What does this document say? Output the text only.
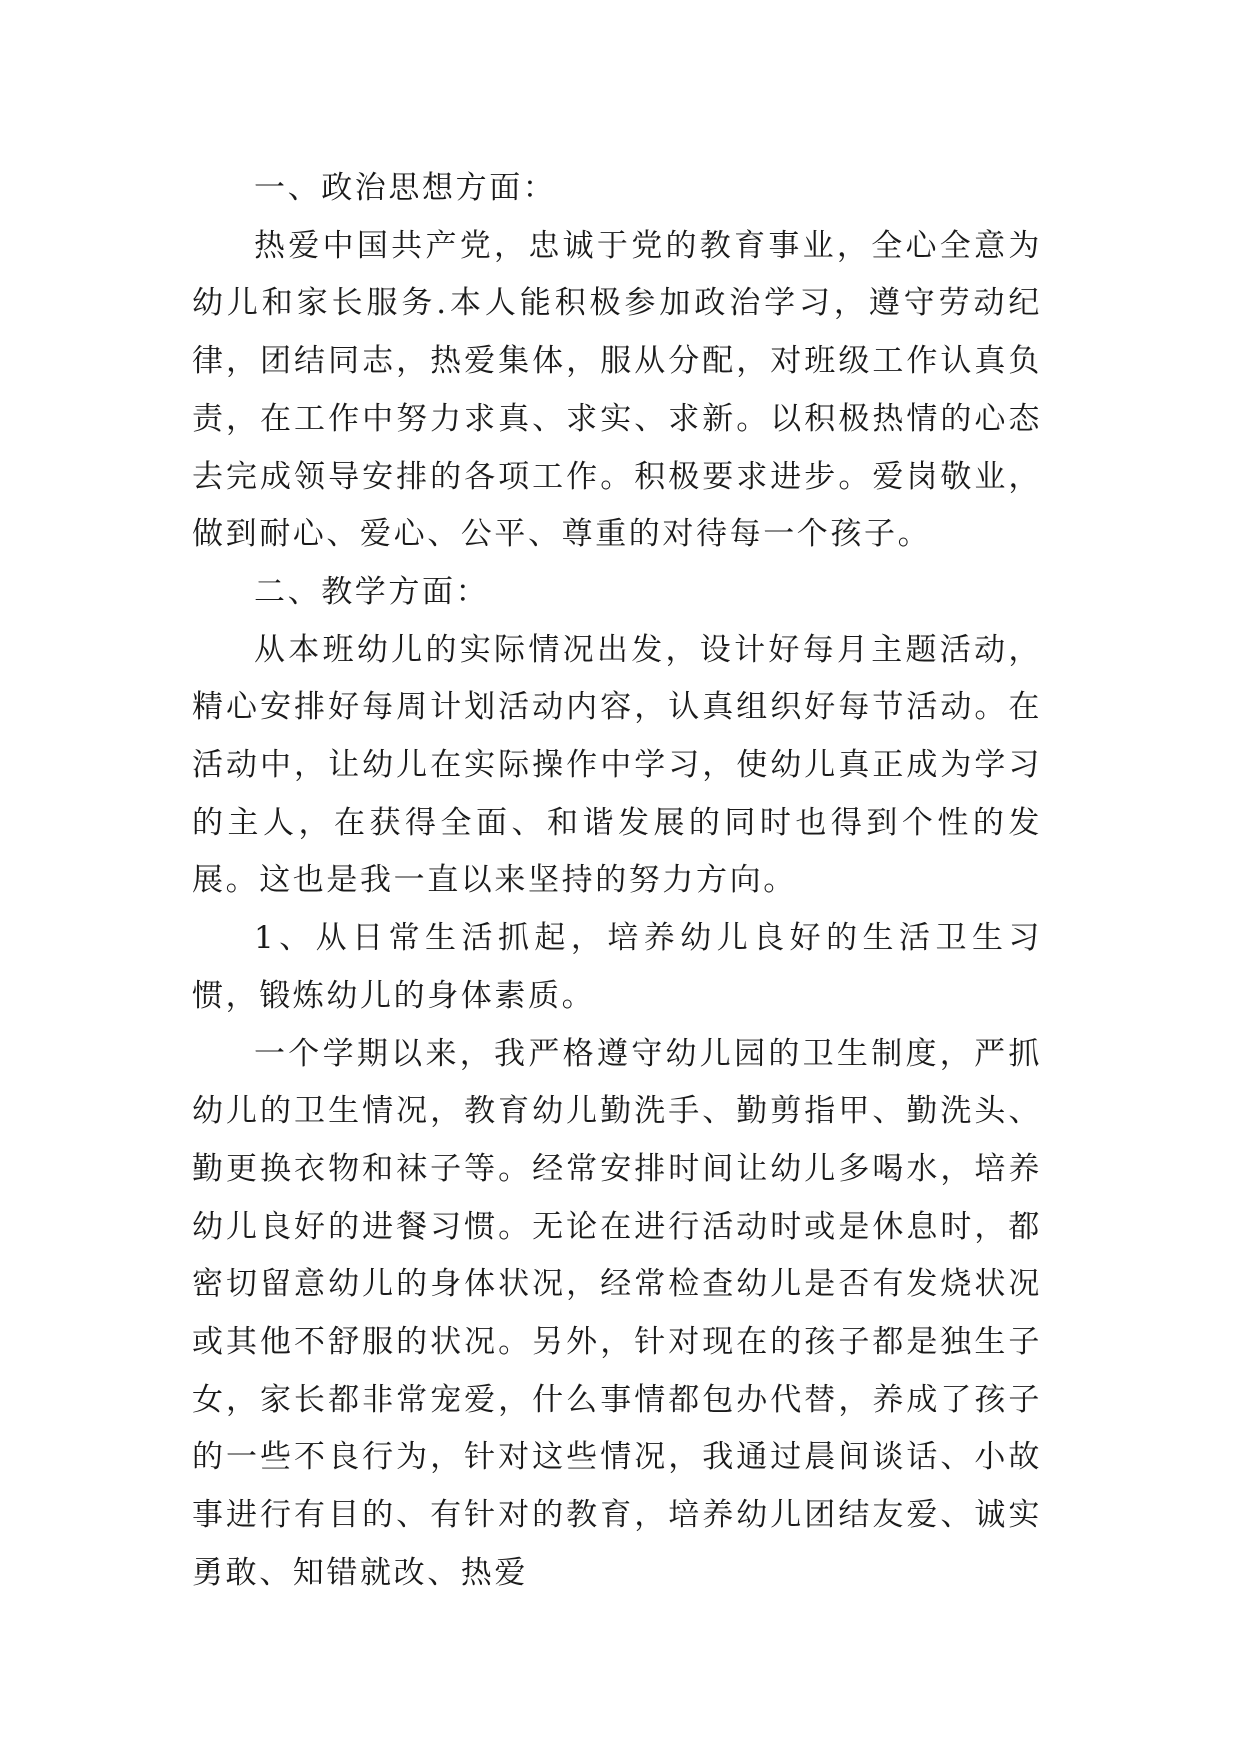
一、政治思想方面：

热爱中国共产党，忠诚于党的教育事业，全心全意为幼儿和家长服务.本人能积极参加政治学习，遵守劳动纪律，团结同志，热爱集体，服从分配，对班级工作认真负责，在工作中努力求真、求实、求新。以积极热情的心态去完成领导安排的各项工作。积极要求进步。爱岗敬业，做到耐心、爱心、公平、尊重的对待每一个孩子。

二、教学方面：

从本班幼儿的实际情况出发，设计好每月主题活动，精心安排好每周计划活动内容，认真组织好每节活动。在活动中，让幼儿在实际操作中学习，使幼儿真正成为学习的主人，在获得全面、和谐发展的同时也得到个性的发展。这也是我一直以来坚持的努力方向。

1、从日常生活抓起，培养幼儿良好的生活卫生习惯，锻炼幼儿的身体素质。

一个学期以来，我严格遵守幼儿园的卫生制度，严抓幼儿的卫生情况，教育幼儿勤洗手、勤剪指甲、勤洗头、勤更换衣物和袜子等。经常安排时间让幼儿多喝水，培养幼儿良好的进餐习惯。无论在进行活动时或是休息时，都密切留意幼儿的身体状况，经常检查幼儿是否有发烧状况或其他不舒服的状况。另外，针对现在的孩子都是独生子女，家长都非常宠爱，什么事情都包办代替，养成了孩子的一些不良行为，针对这些情况，我通过晨间谈话、小故事进行有目的、有针对的教育，培养幼儿团结友爱、诚实勇敢、知错就改、热爱
